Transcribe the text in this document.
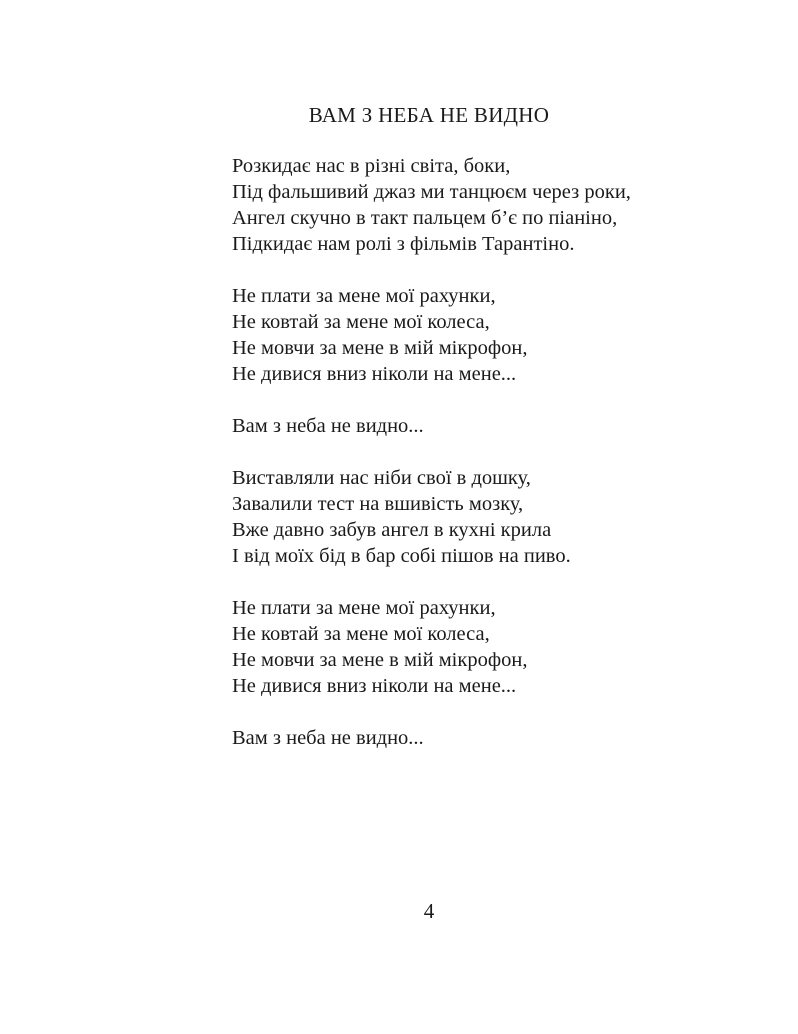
ВАМ З НЕБА НЕ ВИДНО
Розкидає нас в різні світа, боки,
Під фальшивий джаз ми танцюєм через роки,
Ангел скучно в такт пальцем б’є по піаніно,
Підкидає нам ролі з фільмів Тарантіно.
Не плати за мене мої рахунки,
Не ковтай за мене мої колеса,
Не мовчи за мене в мій мікрофон,
Не дивися вниз ніколи на мене...
Вам з неба не видно...
Виставляли нас ніби свої в дошку,
Завалили тест на вшивість мозку,
Вже давно забув ангел в кухні крила
І від моїх бід в бар собі пішов на пиво.
Не плати за мене мої рахунки,
Не ковтай за мене мої колеса,
Не мовчи за мене в мій мікрофон,
Не дивися вниз ніколи на мене...
Вам з неба не видно...
4
